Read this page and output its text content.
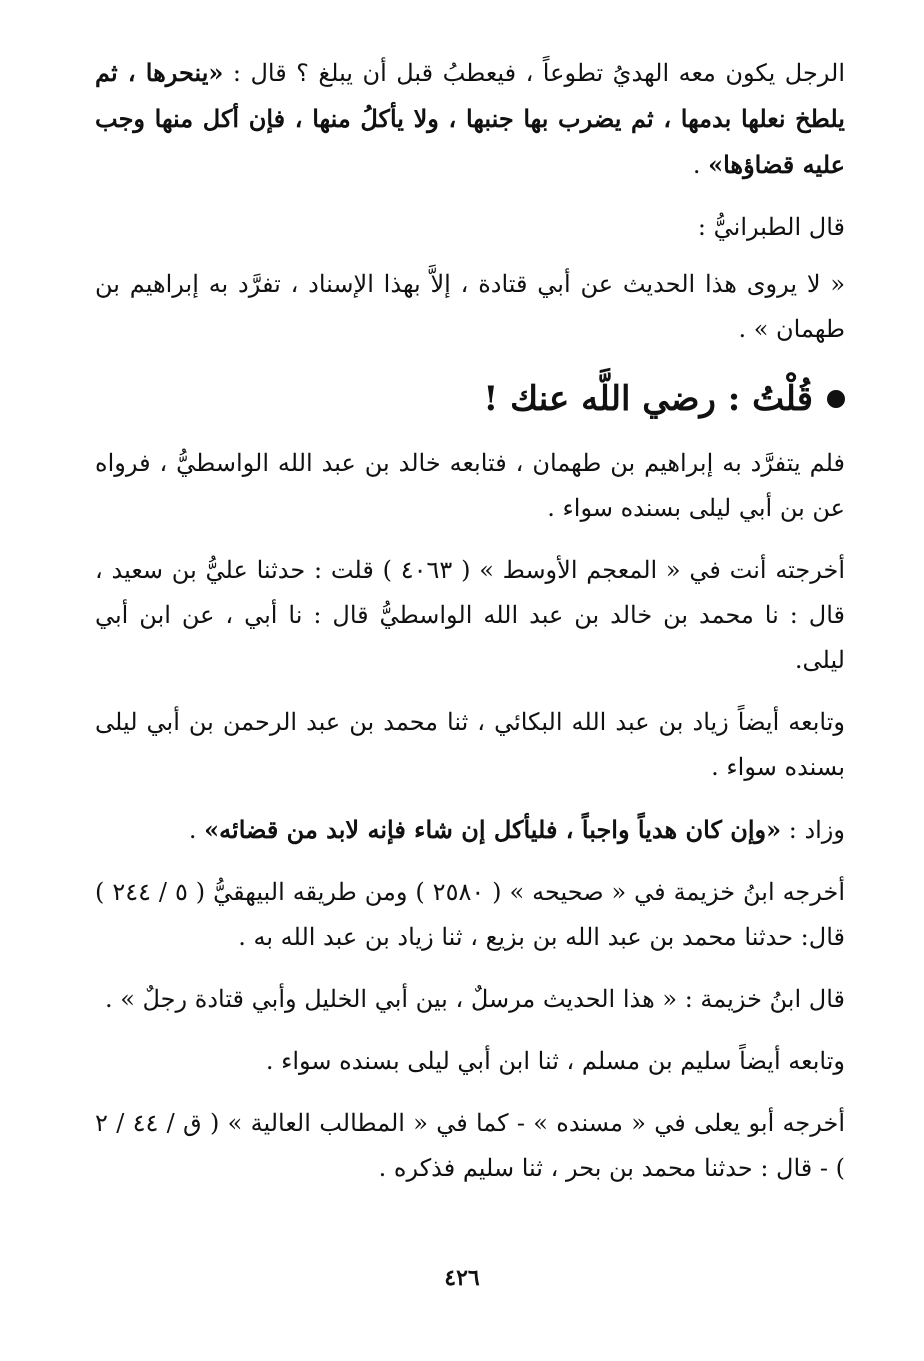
الرجل يكون معه الهديُ تطوعاً ، فيعطبُ قبل أن يبلغ ؟ قال : «ينحرها ، ثم يلطخ نعلها بدمها ، ثم يضرب بها جنبها ، ولا يأكلُ منها ، فإن أكل منها وجب عليه قضاؤها» .

قال الطبرانيُّ :

« لا يروى هذا الحديث عن أبي قتادة ، إلاَّ بهذا الإسناد ، تفرَّد به إبراهيم بن طهمان » .

قُلْتُ : رضي اللَّه عنك !

فلم يتفرَّد به إبراهيم بن طهمان ، فتابعه خالد بن عبد الله الواسطيُّ ، فرواه عن بن أبي ليلى بسنده سواء .

أخرجته أنت في « المعجم الأوسط » ( ٤٠٦٣ ) قلت : حدثنا عليُّ بن سعيد ، قال : نا محمد بن خالد بن عبد الله الواسطيُّ قال : نا أبي ، عن ابن أبي ليلى.

وتابعه أيضاً زياد بن عبد الله البكائي ، ثنا محمد بن عبد الرحمن بن أبي ليلى بسنده سواء .

وزاد : «وإن كان هدياً واجباً ، فليأكل إن شاء فإنه لابد من قضائه» .

أخرجه ابنُ خزيمة في « صحيحه » ( ٢٥٨٠ ) ومن طريقه البيهقيُّ ( ٥ / ٢٤٤ ) قال: حدثنا محمد بن عبد الله بن بزيع ، ثنا زياد بن عبد الله به .

قال ابنُ خزيمة : « هذا الحديث مرسلٌ ، بين أبي الخليل وأبي قتادة رجلٌ » .

وتابعه أيضاً سليم بن مسلم ، ثنا ابن أبي ليلى بسنده سواء .

أخرجه أبو يعلى في « مسنده » - كما في « المطالب العالية » ( ق / ٤٤ / ٢ ) - قال : حدثنا محمد بن بحر ، ثنا سليم فذكره .

٤٢٦
